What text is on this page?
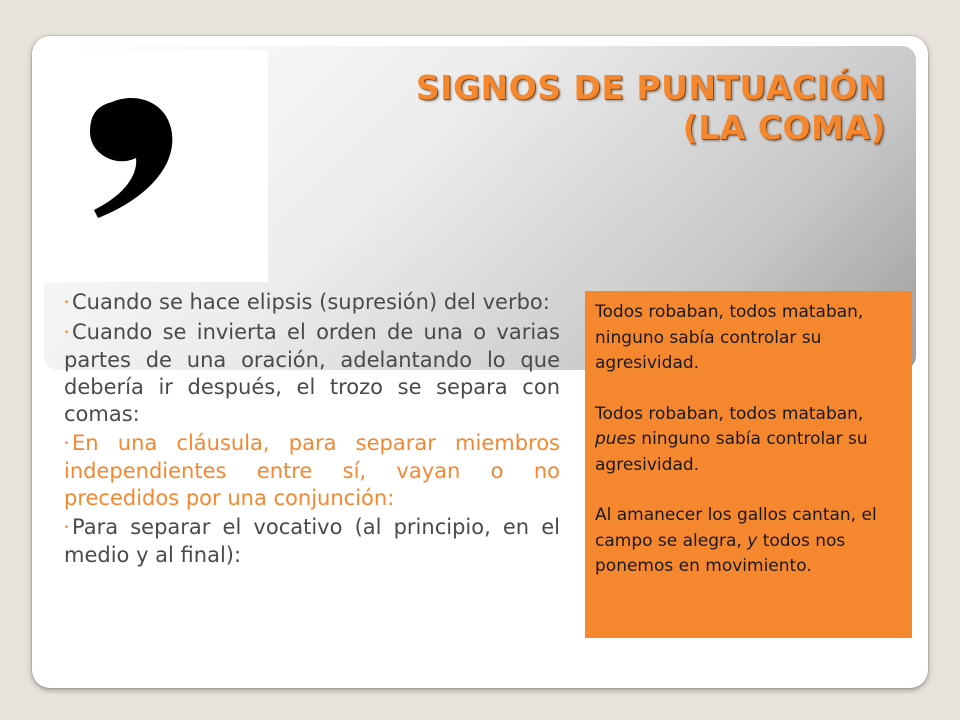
SIGNOS DE PUNTUACIÓN
(LA COMA)
• Cuando se hace elipsis (supresión) del verbo:
• Cuando se invierta el orden de una o varias partes de una oración, adelantando lo que debería ir después, el trozo se separa con comas:
• En una cláusula, para separar miembros independientes entre sí, vayan o no precedidos por una conjunción:
• Para separar el vocativo (al principio, en el medio y al final):

Todos robaban, todos mataban, ninguno sabía controlar su agresividad.

Todos robaban, todos mataban, pues ninguno sabía controlar su agresividad.

Al amanecer los gallos cantan, el campo se alegra, y todos nos ponemos en movimiento.
